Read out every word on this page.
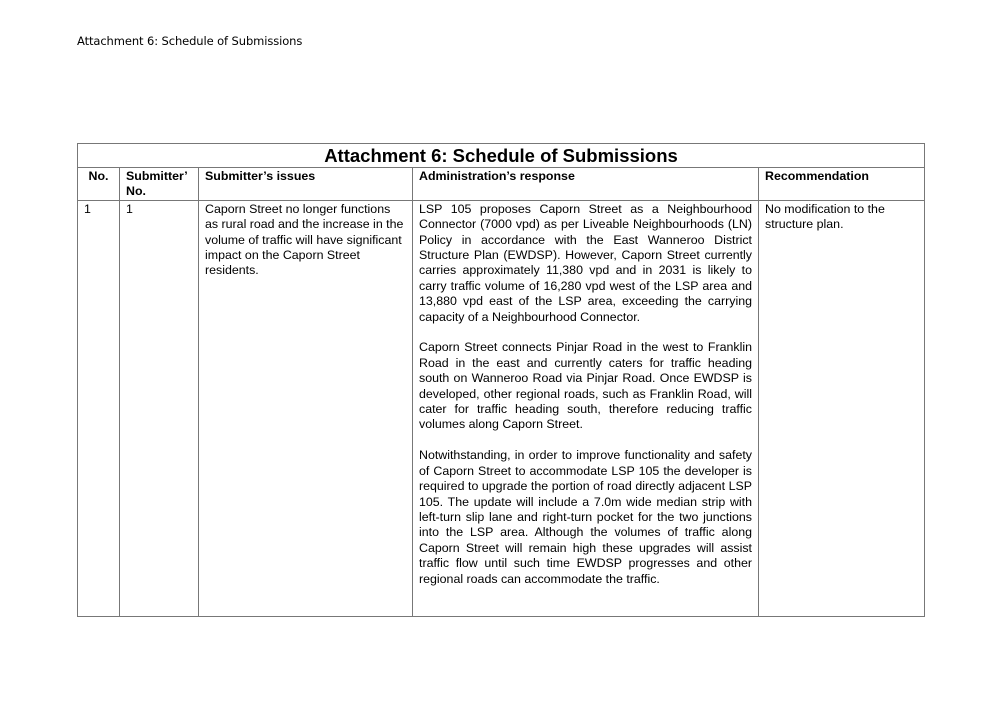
Attachment 6: Schedule of Submissions
Attachment 6: Schedule of Submissions				
No.	Submitter’ No.	Submitter’s issues	Administration’s response	Recommendation
1	1	Caporn Street no longer functions as rural road and the increase in the volume of traffic will have significant impact on the Caporn Street residents.	LSP 105 proposes Caporn Street as a Neighbourhood Connector (7000 vpd) as per Liveable Neighbourhoods (LN) Policy in accordance with the East Wanneroo District Structure Plan (EWDSP). However, Caporn Street currently carries approximately 11,380 vpd and in 2031 is likely to carry traffic volume of 16,280 vpd west of the LSP area and 13,880 vpd east of the LSP area, exceeding the carrying capacity of a Neighbourhood Connector.

Caporn Street connects Pinjar Road in the west to Franklin Road in the east and currently caters for traffic heading south on Wanneroo Road via Pinjar Road. Once EWDSP is developed, other regional roads, such as Franklin Road, will cater for traffic heading south, therefore reducing traffic volumes along Caporn Street.

Notwithstanding, in order to improve functionality and safety of Caporn Street to accommodate LSP 105 the developer is required to upgrade the portion of road directly adjacent LSP 105. The update will include a 7.0m wide median strip with left-turn slip lane and right-turn pocket for the two junctions into the LSP area. Although the volumes of traffic along Caporn Street will remain high these upgrades will assist traffic flow until such time EWDSP progresses and other regional roads can accommodate the traffic.	No modification to the structure plan.
